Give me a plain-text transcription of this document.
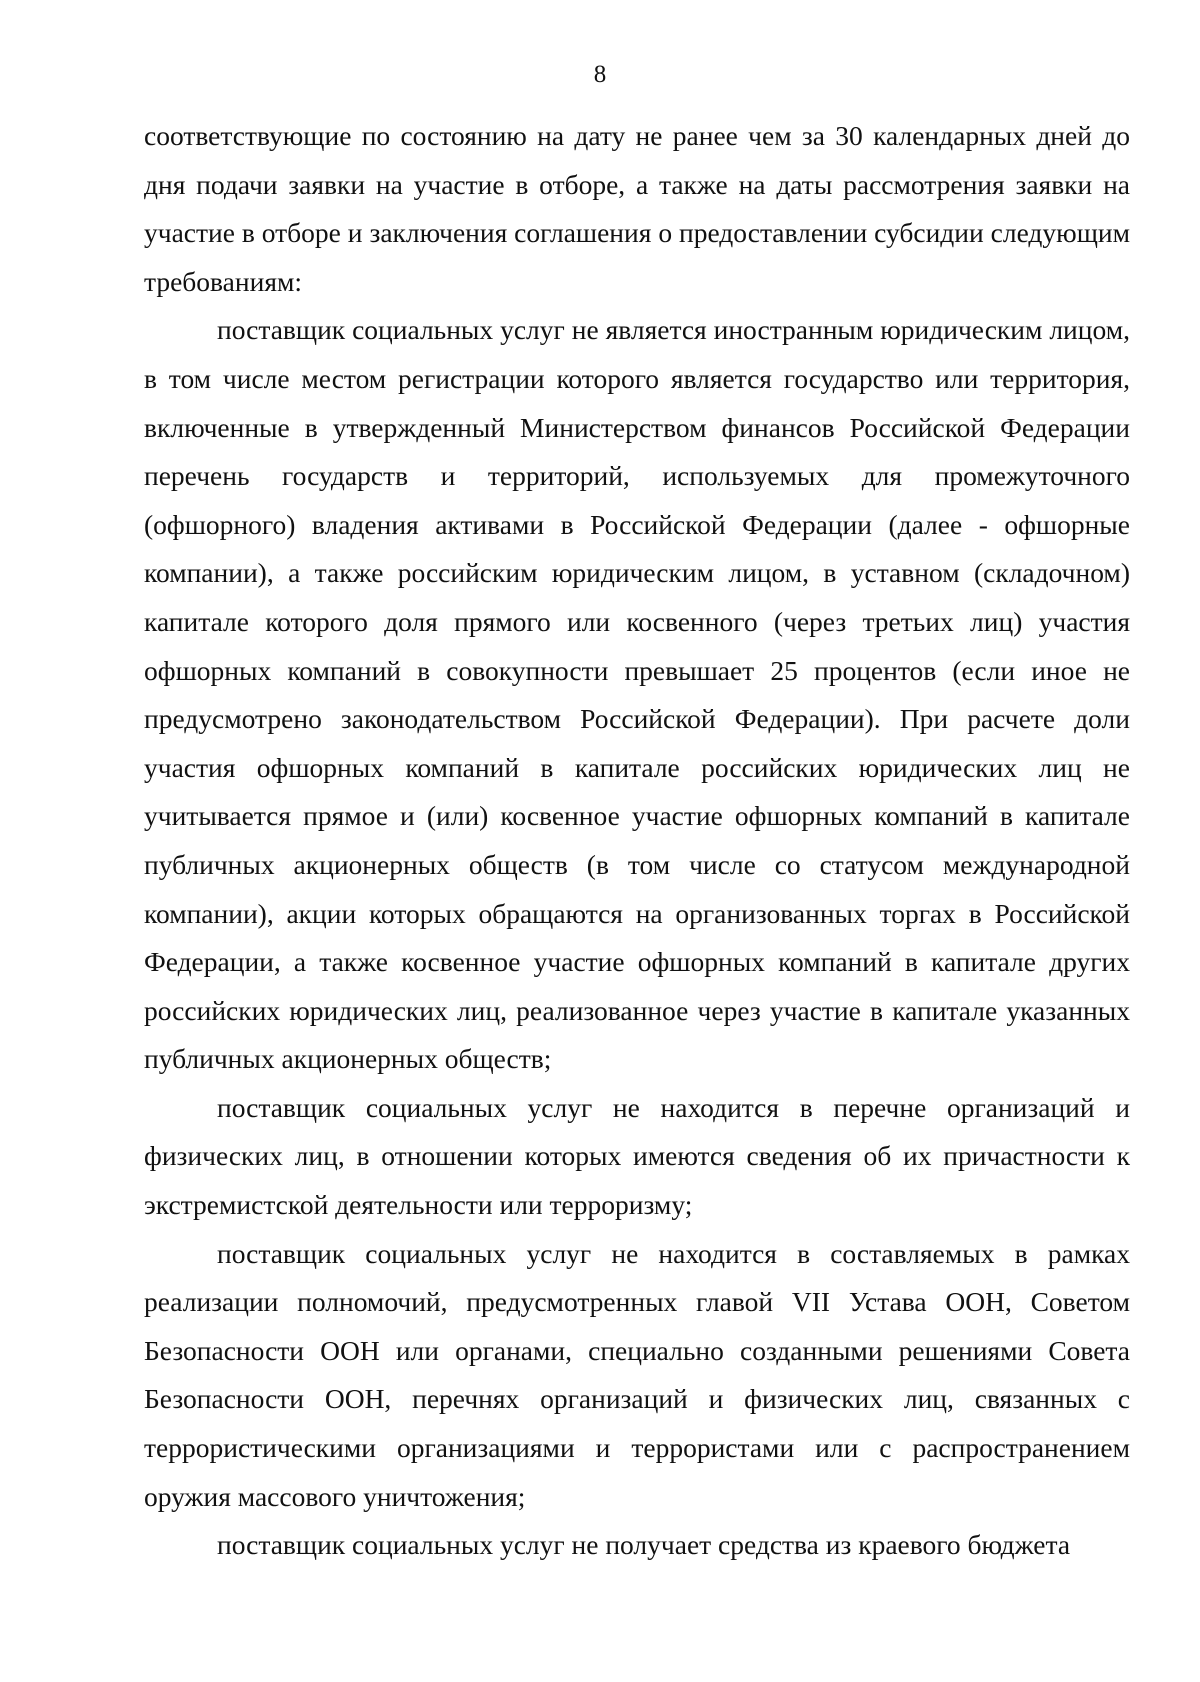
8

соответствующие по состоянию на дату не ранее чем за 30 календарных дней до дня подачи заявки на участие в отборе, а также на даты рассмотрения заявки на участие в отборе и заключения соглашения о предоставлении субсидии следующим требованиям:

поставщик социальных услуг не является иностранным юридическим лицом, в том числе местом регистрации которого является государство или территория, включенные в утвержденный Министерством финансов Российской Федерации перечень государств и территорий, используемых для промежуточного (офшорного) владения активами в Российской Федерации (далее - офшорные компании), а также российским юридическим лицом, в уставном (складочном) капитале которого доля прямого или косвенного (через третьих лиц) участия офшорных компаний в совокупности превышает 25 процентов (если иное не предусмотрено законодательством Российской Федерации). При расчете доли участия офшорных компаний в капитале российских юридических лиц не учитывается прямое и (или) косвенное участие офшорных компаний в капитале публичных акционерных обществ (в том числе со статусом международной компании), акции которых обращаются на организованных торгах в Российской Федерации, а также косвенное участие офшорных компаний в капитале других российских юридических лиц, реализованное через участие в капитале указанных публичных акционерных обществ;

поставщик социальных услуг не находится в перечне организаций и физических лиц, в отношении которых имеются сведения об их причастности к экстремистской деятельности или терроризму;

поставщик социальных услуг не находится в составляемых в рамках реализации полномочий, предусмотренных главой VII Устава ООН, Советом Безопасности ООН или органами, специально созданными решениями Совета Безопасности ООН, перечнях организаций и физических лиц, связанных с террористическими организациями и террористами или с распространением оружия массового уничтожения;

поставщик социальных услуг не получает средства из краевого бюджета
